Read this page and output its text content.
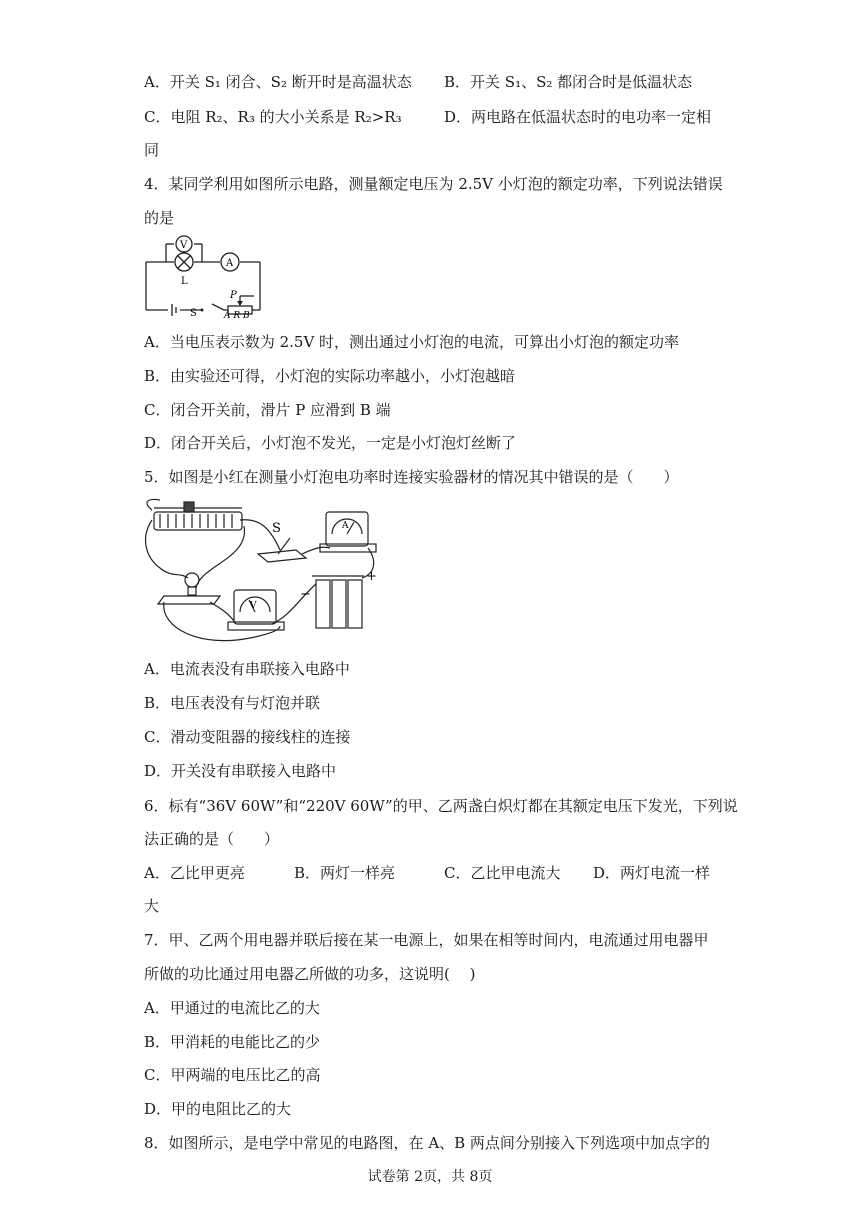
A．开关 S₁ 闭合、S₂ 断开时是高温状态 B．开关 S₁、S₂ 都闭合时是低温状态
C．电阻 R₂、R₃ 的大小关系是 R₂>R₃	D．两电路在低温状态时的电功率一定相
同
4．某同学利用如图所示电路，测量额定电压为 2.5V 小灯泡的额定功率，下列说法错误
的是
V
A
L
S
P
A R B
A．当电压表示数为 2.5V 时，测出通过小灯泡的电流，可算出小灯泡的额定功率
B．由实验还可得，小灯泡的实际功率越小，小灯泡越暗
C．闭合开关前，滑片 P 应滑到 B 端
D．闭合开关后，小灯泡不发光，一定是小灯泡灯丝断了
5．如图是小红在测量小灯泡电功率时连接实验器材的情况其中错误的是（　　）
S	A
V
+
−
A．电流表没有串联接入电路中
B．电压表没有与灯泡并联
C．滑动变阻器的接线柱的连接
D．开关没有串联接入电路中
6．标有“36V 60W”和“220V 60W”的甲、乙两盏白炽灯都在其额定电压下发光，下列说
法正确的是（　　）
A．乙比甲更亮	B．两灯一样亮	C．乙比甲电流大 D．两灯电流一样
大
7．甲、乙两个用电器并联后接在某一电源上，如果在相等时间内，电流通过用电器甲
所做的功比通过用电器乙所做的功多，这说明(　 )
A．甲通过的电流比乙的大
B．甲消耗的电能比乙的少
C．甲两端的电压比乙的高
D．甲的电阻比乙的大
8．如图所示，是电学中常见的电路图，在 A、B 两点间分别接入下列选项中加点字的
试卷第 2页，共 8页
